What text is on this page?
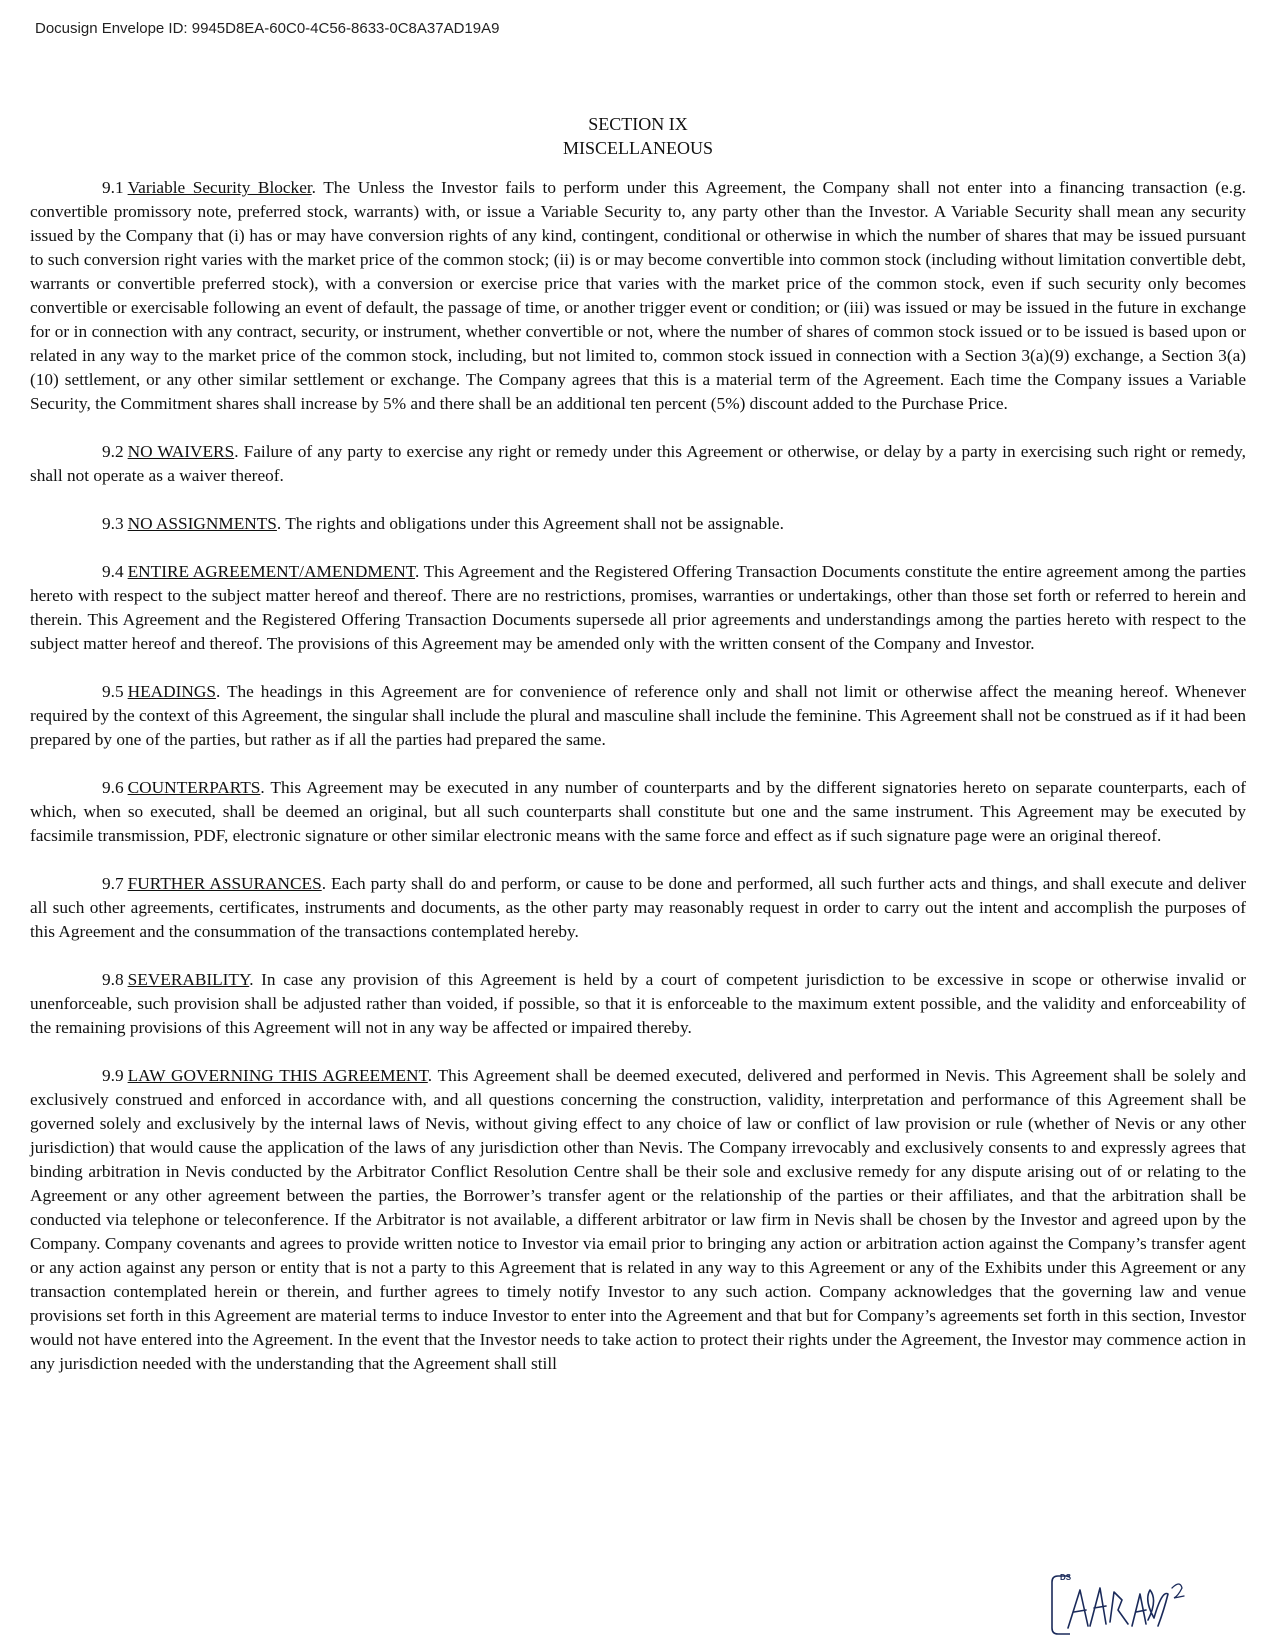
Docusign Envelope ID: 9945D8EA-60C0-4C56-8633-0C8A37AD19A9
SECTION IX
MISCELLANEOUS

9.1 Variable Security Blocker. The Unless the Investor fails to perform under this Agreement, the Company shall not enter into a financing transaction (e.g. convertible promissory note, preferred stock, warrants) with, or issue a Variable Security to, any party other than the Investor. A Variable Security shall mean any security issued by the Company that (i) has or may have conversion rights of any kind, contingent, conditional or otherwise in which the number of shares that may be issued pursuant to such conversion right varies with the market price of the common stock; (ii) is or may become convertible into common stock (including without limitation convertible debt, warrants or convertible preferred stock), with a conversion or exercise price that varies with the market price of the common stock, even if such security only becomes convertible or exercisable following an event of default, the passage of time, or another trigger event or condition; or (iii) was issued or may be issued in the future in exchange for or in connection with any contract, security, or instrument, whether convertible or not, where the number of shares of common stock issued or to be issued is based upon or related in any way to the market price of the common stock, including, but not limited to, common stock issued in connection with a Section 3(a)(9) exchange, a Section 3(a)(10) settlement, or any other similar settlement or exchange. The Company agrees that this is a material term of the Agreement. Each time the Company issues a Variable Security, the Commitment shares shall increase by 5% and there shall be an additional ten percent (5%) discount added to the Purchase Price.

9.2 NO WAIVERS. Failure of any party to exercise any right or remedy under this Agreement or otherwise, or delay by a party in exercising such right or remedy, shall not operate as a waiver thereof.

9.3 NO ASSIGNMENTS. The rights and obligations under this Agreement shall not be assignable.

9.4 ENTIRE AGREEMENT/AMENDMENT. This Agreement and the Registered Offering Transaction Documents constitute the entire agreement among the parties hereto with respect to the subject matter hereof and thereof. There are no restrictions, promises, warranties or undertakings, other than those set forth or referred to herein and therein. This Agreement and the Registered Offering Transaction Documents supersede all prior agreements and understandings among the parties hereto with respect to the subject matter hereof and thereof. The provisions of this Agreement may be amended only with the written consent of the Company and Investor.

9.5 HEADINGS. The headings in this Agreement are for convenience of reference only and shall not limit or otherwise affect the meaning hereof. Whenever required by the context of this Agreement, the singular shall include the plural and masculine shall include the feminine. This Agreement shall not be construed as if it had been prepared by one of the parties, but rather as if all the parties had prepared the same.

9.6 COUNTERPARTS. This Agreement may be executed in any number of counterparts and by the different signatories hereto on separate counterparts, each of which, when so executed, shall be deemed an original, but all such counterparts shall constitute but one and the same instrument. This Agreement may be executed by facsimile transmission, PDF, electronic signature or other similar electronic means with the same force and effect as if such signature page were an original thereof.

9.7 FURTHER ASSURANCES. Each party shall do and perform, or cause to be done and performed, all such further acts and things, and shall execute and deliver all such other agreements, certificates, instruments and documents, as the other party may reasonably request in order to carry out the intent and accomplish the purposes of this Agreement and the consummation of the transactions contemplated hereby.

9.8 SEVERABILITY. In case any provision of this Agreement is held by a court of competent jurisdiction to be excessive in scope or otherwise invalid or unenforceable, such provision shall be adjusted rather than voided, if possible, so that it is enforceable to the maximum extent possible, and the validity and enforceability of the remaining provisions of this Agreement will not in any way be affected or impaired thereby.

9.9 LAW GOVERNING THIS AGREEMENT. This Agreement shall be deemed executed, delivered and performed in Nevis. This Agreement shall be solely and exclusively construed and enforced in accordance with, and all questions concerning the construction, validity, interpretation and performance of this Agreement shall be governed solely and exclusively by the internal laws of Nevis, without giving effect to any choice of law or conflict of law provision or rule (whether of Nevis or any other jurisdiction) that would cause the application of the laws of any jurisdiction other than Nevis. The Company irrevocably and exclusively consents to and expressly agrees that binding arbitration in Nevis conducted by the Arbitrator Conflict Resolution Centre shall be their sole and exclusive remedy for any dispute arising out of or relating to the Agreement or any other agreement between the parties, the Borrower’s transfer agent or the relationship of the parties or their affiliates, and that the arbitration shall be conducted via telephone or teleconference. If the Arbitrator is not available, a different arbitrator or law firm in Nevis shall be chosen by the Investor and agreed upon by the Company. Company covenants and agrees to provide written notice to Investor via email prior to bringing any action or arbitration action against the Company’s transfer agent or any action against any person or entity that is not a party to this Agreement that is related in any way to this Agreement or any of the Exhibits under this Agreement or any transaction contemplated herein or therein, and further agrees to timely notify Investor to any such action. Company acknowledges that the governing law and venue provisions set forth in this Agreement are material terms to induce Investor to enter into the Agreement and that but for Company’s agreements set forth in this section, Investor would not have entered into the Agreement. In the event that the Investor needs to take action to protect their rights under the Agreement, the Investor may commence action in any jurisdiction needed with the understanding that the Agreement shall still

DS
